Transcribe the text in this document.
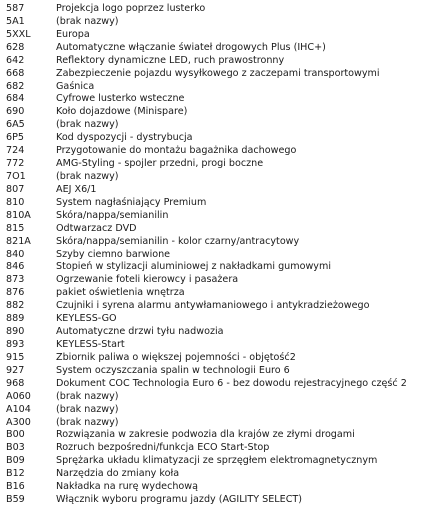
587	Projekcja logo poprzez lusterko
5A1	(brak nazwy)
5XXL	Europa
628	Automatyczne włączanie świateł drogowych Plus (IHC+)
642	Reflektory dynamiczne LED, ruch prawostronny
668	Zabezpieczenie pojazdu wysyłkowego z zaczepami transportowymi
682	Gaśnica
684	Cyfrowe lusterko wsteczne
690	Koło dojazdowe (Minispare)
6A5	(brak nazwy)
6P5	Kod dyspozycji - dystrybucja
724	Przygotowanie do montażu bagażnika dachowego
772	AMG-Styling - spojler przedni, progi boczne
7O1	(brak nazwy)
807	AEJ X6/1
810	System nagłaśniający Premium
810A	Skóra/nappa/semianilin
815	Odtwarzacz DVD
821A	Skóra/nappa/semianilin - kolor czarny/antracytowy
840	Szyby ciemno barwione
846	Stopień w stylizacji aluminiowej z nakładkami gumowymi
873	Ogrzewanie foteli kierowcy i pasażera
876	pakiet oświetlenia wnętrza
882	Czujniki i syrena alarmu antywłamaniowego i antykradzieżowego
889	KEYLESS-GO
890	Automatyczne drzwi tyłu nadwozia
893	KEYLESS-Start
915	Zbiornik paliwa o większej pojemności - objętość2
927	System oczyszczania spalin w technologii Euro 6
968	Dokument COC Technologia Euro 6 - bez dowodu rejestracyjnego część 2
A060	(brak nazwy)
A104	(brak nazwy)
A300	(brak nazwy)
B00	Rozwiązania w zakresie podwozia dla krajów ze złymi drogami
B03	Rozruch bezpośredni/funkcja ECO Start-Stop
B09	Sprężarka układu klimatyzacji ze sprzęgłem elektromagnetycznym
B12	Narzędzia do zmiany koła
B16	Nakładka na rurę wydechową
B59	Włącznik wyboru programu jazdy (AGILITY SELECT)
